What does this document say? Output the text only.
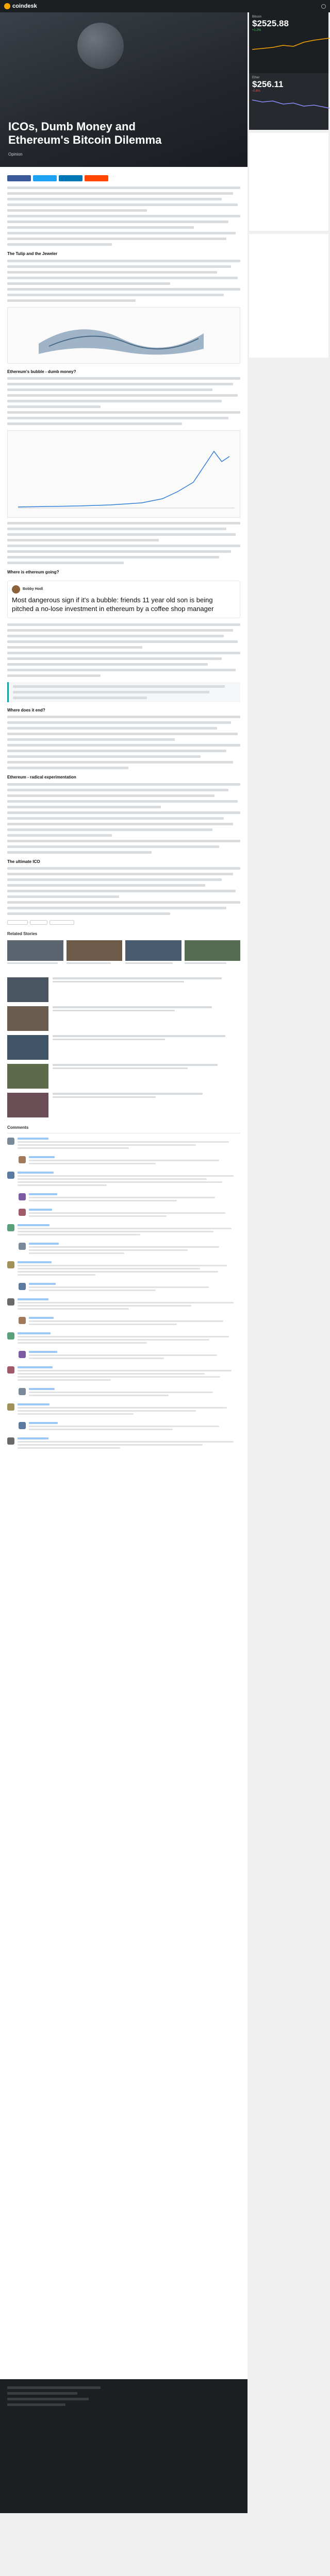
coindesk
ICOs, Dumb Money and Ethereum's Bitcoin Dilemma
Opinion
The Tulip and the Jeweler
Ethereum's bubble - dumb money?
Where is ethereum going?
Bobby Hodl
Most dangerous sign if it's a bubble: friends 11 year old son is being pitched a no-lose investment in ethereum by a coffee shop manager
Where does it end?
Ethereum - radical experimentation
The ultimate ICO
Related Stories
Comments
Bitcoin
$2525.88
+1.2%
Ether
$256.11
-0.8%
